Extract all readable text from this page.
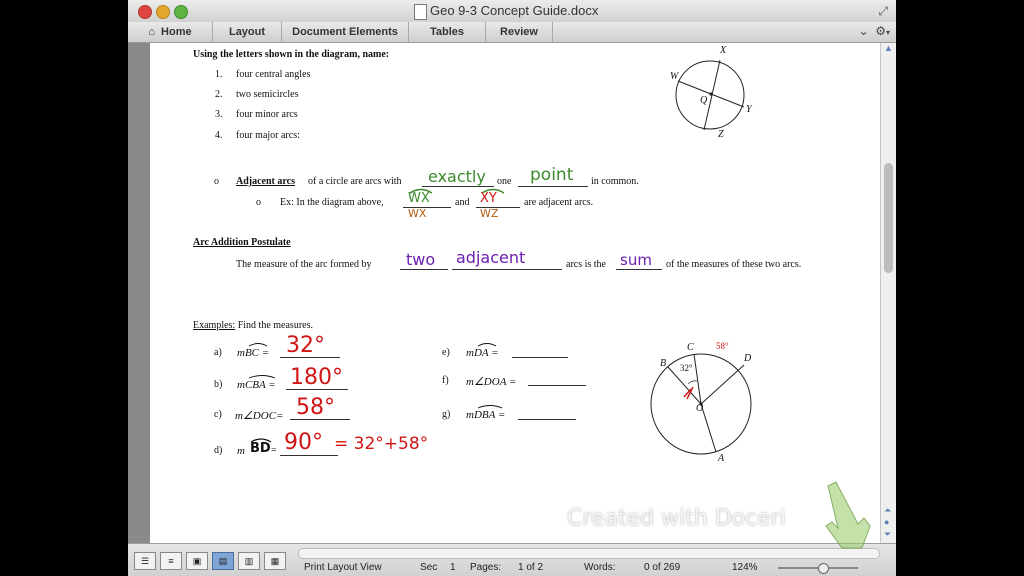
Geo 9-3 Concept Guide.docx	⤢
⌂ Home	Layout	Document Elements	Tables	Review	⌄ ⚙▾
Using the letters shown in the diagram, name:
1. four central angles
2. two semicircles
3. four minor arcs
4. four major arcs:
X
W
Q
Y
Z
o Adjacent arcs of a circle are arcs with exactly one point in common.
o Ex: In the diagram above, WX
WX
and XY
WZ
are adjacent arcs.
Arc Addition Postulate
The measure of the arc formed by two adjacent	arcs is the sum of the measures of these two arcs.
Examples: Find the measures.
a) mBC = 32°
b) mCBA = 180°
c) m∠DOC= 58°
d) m BD = 90° = 32°+58°
e) mDA =
f) m∠DOA =
g) mDBA =
C
B	D
O
A
32°
58°
▲
⏶
●
⏷
☰	≡	▣	▤	▥	▦
Print Layout View	Sec 1 Pages: 1 of 2	Words:	0 of 269	124%
Created with Doceri
